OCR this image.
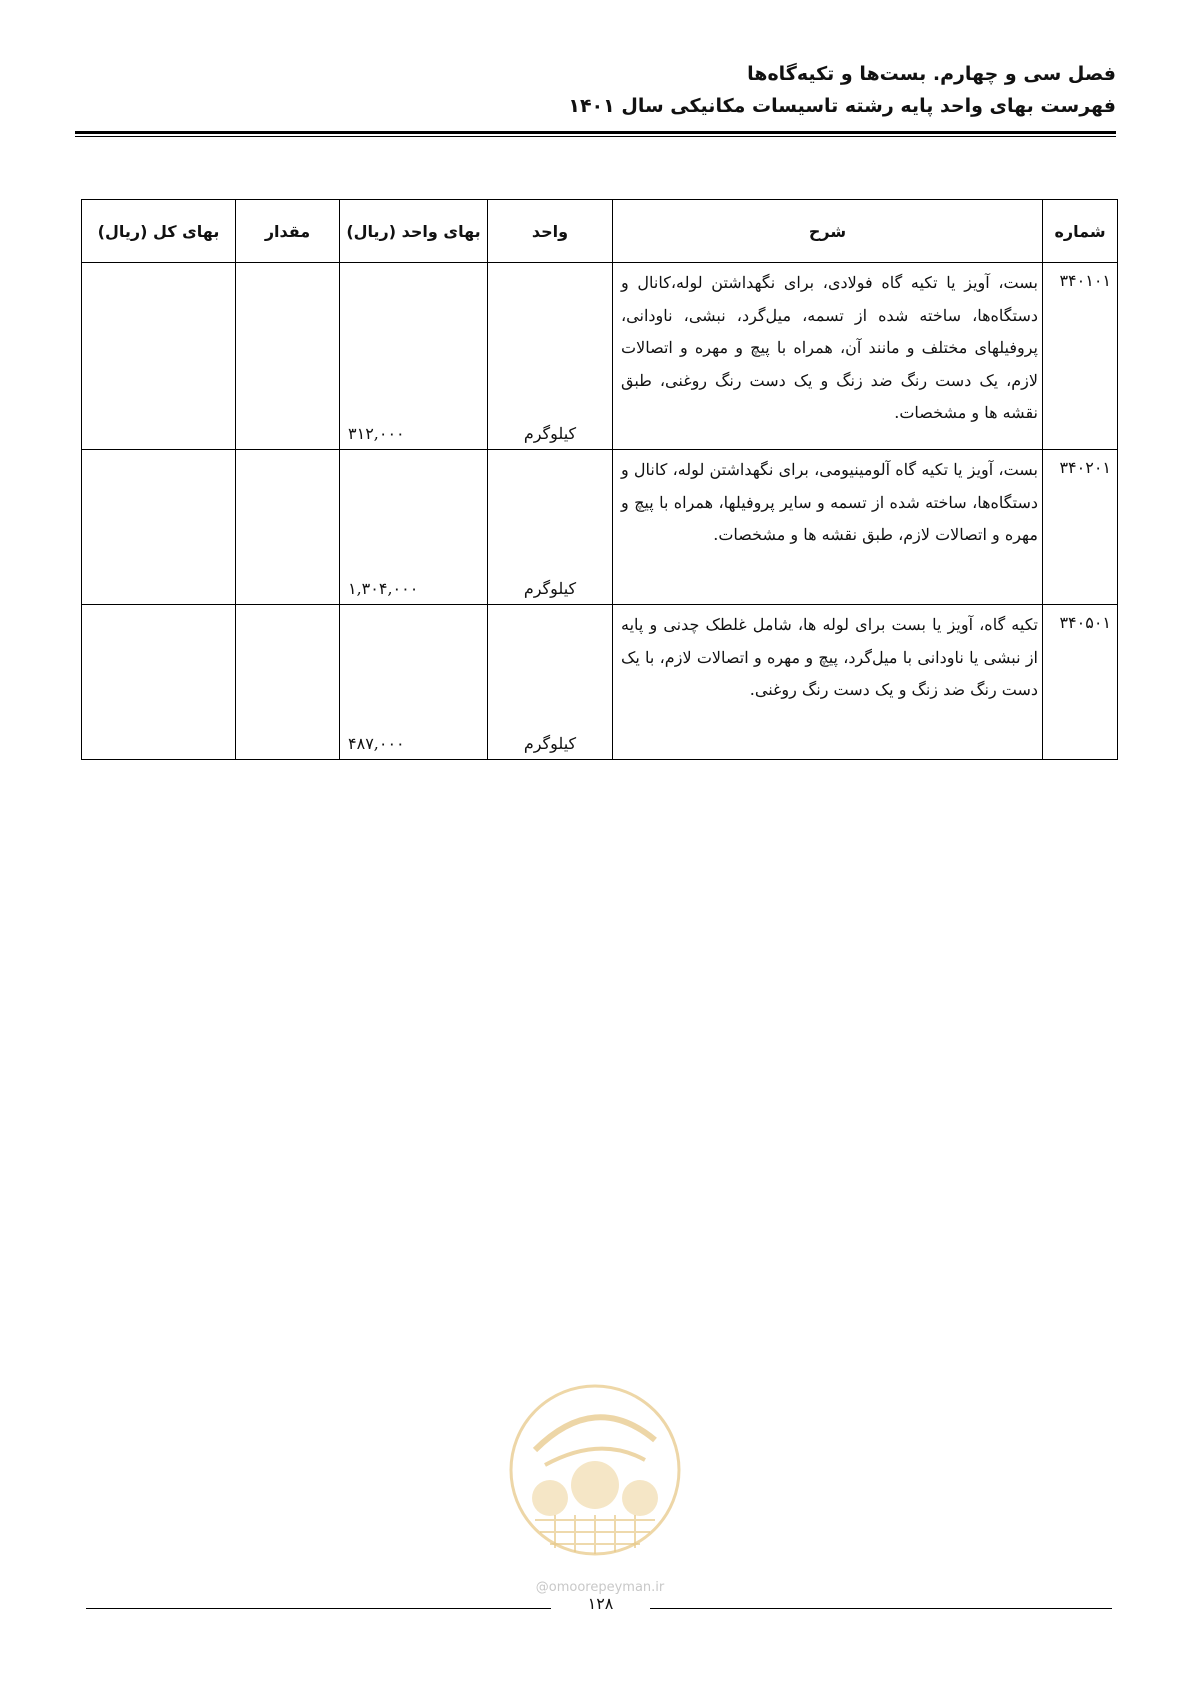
فصل سی و چهارم. بست‌ها و تکیه‌گاه‌ها
فهرست بهای واحد پایه رشته تاسیسات مکانیکی سال ۱۴۰۱
شماره	شرح	واحد	بهای واحد (ریال)	مقدار	بهای کل (ریال)
۳۴۰۱۰۱	بست، آویز یا تکیه گاه فولادی، برای نگهداشتن لوله،کانال و دستگاه‌ها، ساخته شده از تسمه، میل‌گرد، نبشی، ناودانی، پروفیلهای مختلف و مانند آن، همراه با پیچ و مهره و اتصالات لازم، یک دست رنگ ضد زنگ و یک دست رنگ روغنی، طبق نقشه ها و مشخصات.	کیلوگرم	۳۱۲,۰۰۰		
۳۴۰۲۰۱	بست، آویز یا تکیه گاه آلومینیومی، برای نگهداشتن لوله، کانال و دستگاه‌ها، ساخته شده از تسمه و سایر پروفیلها، همراه با پیچ و مهره و اتصالات لازم، طبق نقشه ها و مشخصات.	کیلوگرم	۱,۳۰۴,۰۰۰		
۳۴۰۵۰۱	تکیه گاه، آویز یا بست برای لوله ها، شامل غلطک چدنی و پایه از نبشی یا ناودانی با میل‌گرد، پیچ و مهره و اتصالات لازم، با یک دست رنگ ضد زنگ و یک دست رنگ روغنی.	کیلوگرم	۴۸۷,۰۰۰		
@omoorepeyman.ir
۱۲۸
